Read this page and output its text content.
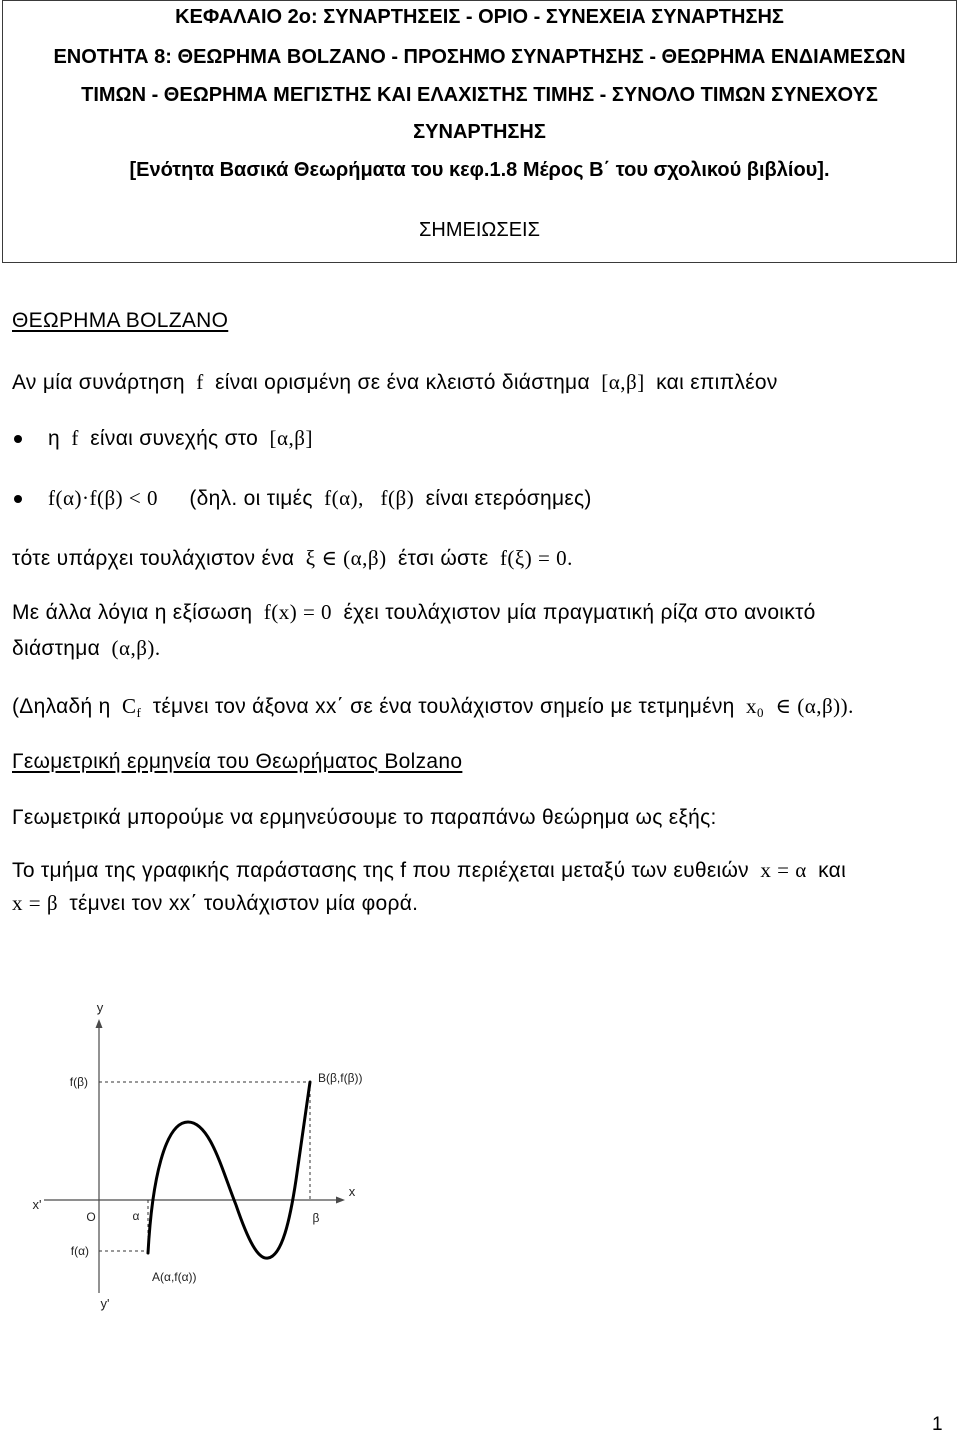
ΚΕΦΑΛΑΙΟ 2ο: ΣΥΝΑΡΤΗΣΕΙΣ - ΟΡΙΟ - ΣΥΝΕΧΕΙΑ ΣΥΝΑΡΤΗΣΗΣ
ΕΝΟΤΗΤΑ 8: ΘΕΩΡΗΜΑ BOLZANO - ΠΡΟΣΗΜΟ ΣΥΝΑΡΤΗΣΗΣ - ΘΕΩΡΗΜΑ ΕΝΔΙΑΜΕΣΩΝ
ΤΙΜΩΝ - ΘΕΩΡΗΜΑ ΜΕΓΙΣΤΗΣ ΚΑΙ ΕΛΑΧΙΣΤΗΣ ΤΙΜΗΣ - ΣΥΝΟΛΟ ΤΙΜΩΝ ΣΥΝΕΧΟΥΣ
ΣΥΝΑΡΤΗΣΗΣ
[Ενότητα Βασικά Θεωρήματα του κεφ.1.8 Μέρος Β΄ του σχολικού βιβλίου].
ΣΗΜΕΙΩΣΕΙΣ
ΘΕΩΡΗΜΑ BOLZANO
Αν μία συνάρτηση f είναι ορισμένη σε ένα κλειστό διάστημα [α,β] και επιπλέον
η f είναι συνεχής στο [α,β]
f(α)·f(β) < 0 (δηλ. οι τιμές f(α), f(β) είναι ετερόσημες)
τότε υπάρχει τουλάχιστον ένα ξ ∈ (α,β) έτσι ώστε f(ξ) = 0.
Με άλλα λόγια η εξίσωση f(x) = 0 έχει τουλάχιστον μία πραγματική ρίζα στο ανοικτό
διάστημα (α,β).
(Δηλαδή η $C_f$ τέμνει τον άξονα xx΄ σε ένα τουλάχιστον σημείο με τετμημένη $x_0$ ∈ (α,β)).
Γεωμετρική ερμηνεία του Θεωρήματος Bolzano
Γεωμετρικά μπορούμε να ερμηνεύσουμε το παραπάνω θεώρημα ως εξής:
Το τμήμα της γραφικής παράστασης της f που περιέχεται μεταξύ των ευθειών x = α και
x = β τέμνει τον xx΄ τουλάχιστον μία φορά.
y
y'
x'
x
O	α	β
f(β)
f(α)
B(β,f(β))
A(α,f(α))
1
